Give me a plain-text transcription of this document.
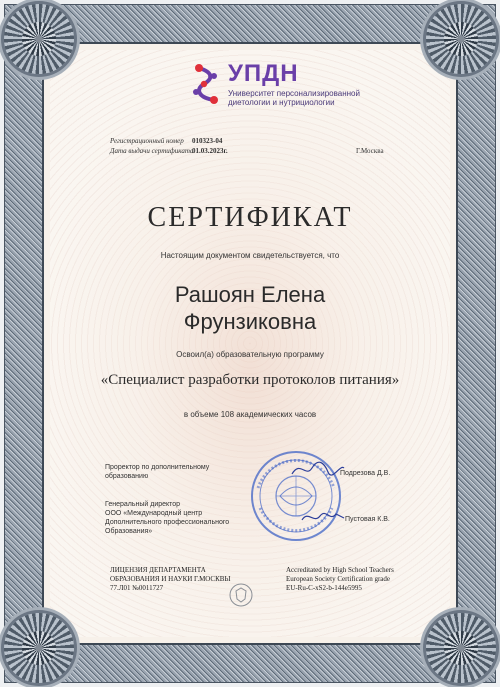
УПДН
Университет персонализированной диетологии и нутрициологии
Регистрационный номер 010323-04
Дата выдачи сертификата
01.03.2023г.	Г.Москва
СЕРТИФИКАТ
Настоящим документом свидетельствуется, что
Рашоян Елена
Фрунзиковна
Освоил(а) образовательную программу
«Специалист разработки протоколов питания»
в объеме 108 академических часов
Проректор по дополнительному
образованию	Подрезова Д.В.
Генеральный директор
ООО «Международный центр
Дополнительного профессионального
Образования»
Пустовая К.В.
ЛИЦЕНЗИЯ ДЕПАРТАМЕНТА
ОБРАЗОВАНИЯ И НАУКИ Г.МОСКВЫ
77.Л01 №0011727
Accreditated by High School Teachers
European Society Certification grade
EU-Ru-C-xS2-b-144e5995
